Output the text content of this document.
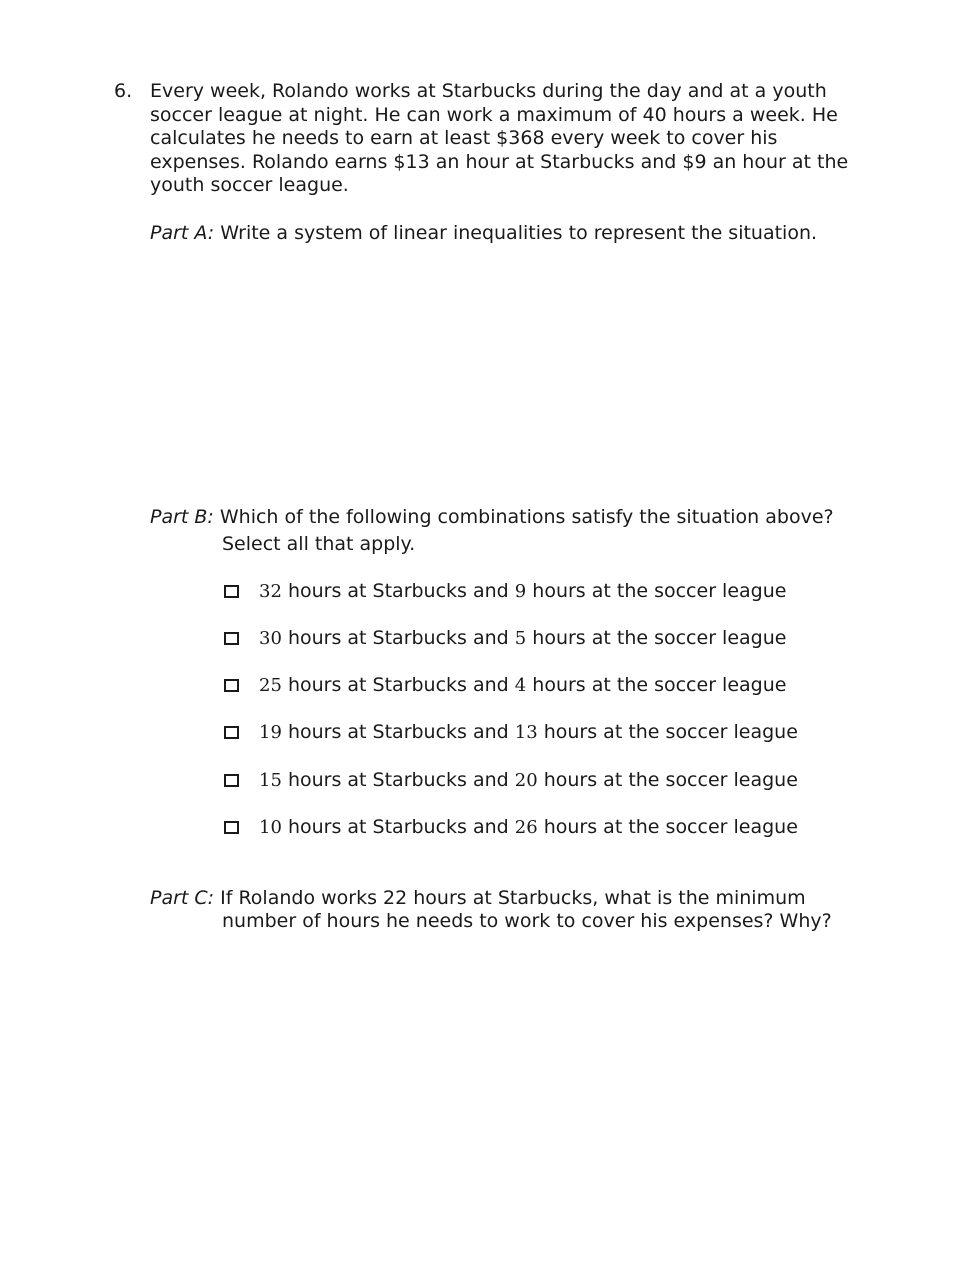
6. Every week, Rolando works at Starbucks during the day and at a youth
soccer league at night. He can work a maximum of 40 hours a week. He
calculates he needs to earn at least $368 every week to cover his
expenses. Rolando earns $13 an hour at Starbucks and $9 an hour at the
youth soccer league.
Part A: Write a system of linear inequalities to represent the situation.
Part B: Which of the following combinations satisfy the situation above?
Select all that apply.
32 hours at Starbucks and 9 hours at the soccer league
30 hours at Starbucks and 5 hours at the soccer league
25 hours at Starbucks and 4 hours at the soccer league
19 hours at Starbucks and 13 hours at the soccer league
15 hours at Starbucks and 20 hours at the soccer league
10 hours at Starbucks and 26 hours at the soccer league
Part C: If Rolando works 22 hours at Starbucks, what is the minimum
number of hours he needs to work to cover his expenses? Why?
